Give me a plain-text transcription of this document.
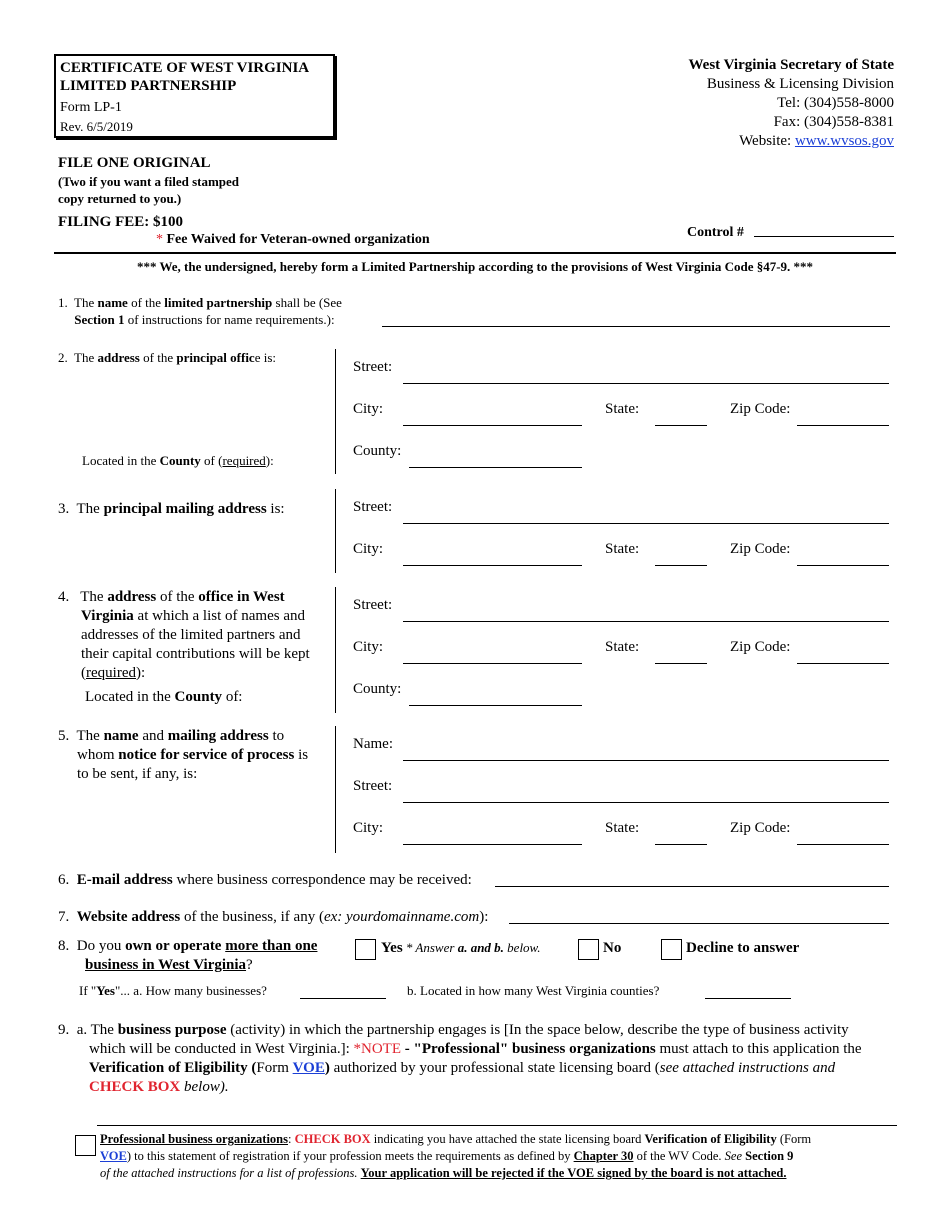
CERTIFICATE OF WEST VIRGINIA
LIMITED PARTNERSHIP
Form LP-1
Rev. 6/5/2019
West Virginia Secretary of State
Business & Licensing Division
Tel: (304)558-8000
Fax: (304)558-8381
Website: www.wvsos.gov
FILE ONE ORIGINAL
(Two if you want a filed stamped
copy returned to you.)
FILING FEE: $100
* Fee Waived for Veteran-owned organization	Control #
*** We, the undersigned, hereby form a Limited Partnership according to the provisions of West Virginia Code §47-9. ***
1. The name of the limited partnership shall be (See
Section 1 of instructions for name requirements.):
2. The address of the principal office is:
Located in the County of (required):
Street:
City:	State:	Zip Code:
County:
3. The principal mailing address is:	Street:
City:	State:	Zip Code:
4. The address of the office in West
Virginia at which a list of names and
addresses of the limited partners and
their capital contributions will be kept
(required):
Located in the County of:
Street:
City:	State:	Zip Code:
County:
5. The name and mailing address to
whom notice for service of process is
to be sent, if any, is:
Name:
Street:
City:	State:	Zip Code:
6. E-mail address where business correspondence may be received:
7. Website address of the business, if any (ex: yourdomainname.com):
8. Do you own or operate more than one
business in West Virginia?
Yes * Answer a. and b. below.	No	Decline to answer
If "Yes"... a. How many businesses?	b. Located in how many West Virginia counties?
9. a. The business purpose (activity) in which the partnership engages is [In the space below, describe the type of business activity
which will be conducted in West Virginia.]: *NOTE - "Professional" business organizations must attach to this application the
Verification of Eligibility (Form VOE) authorized by your professional state licensing board (see attached instructions and
CHECK BOX below).
Professional business organizations: CHECK BOX indicating you have attached the state licensing board Verification of Eligibility (Form
VOE) to this statement of registration if your profession meets the requirements as defined by Chapter 30 of the WV Code. See Section 9
of the attached instructions for a list of professions. Your application will be rejected if the VOE signed by the board is not attached.
